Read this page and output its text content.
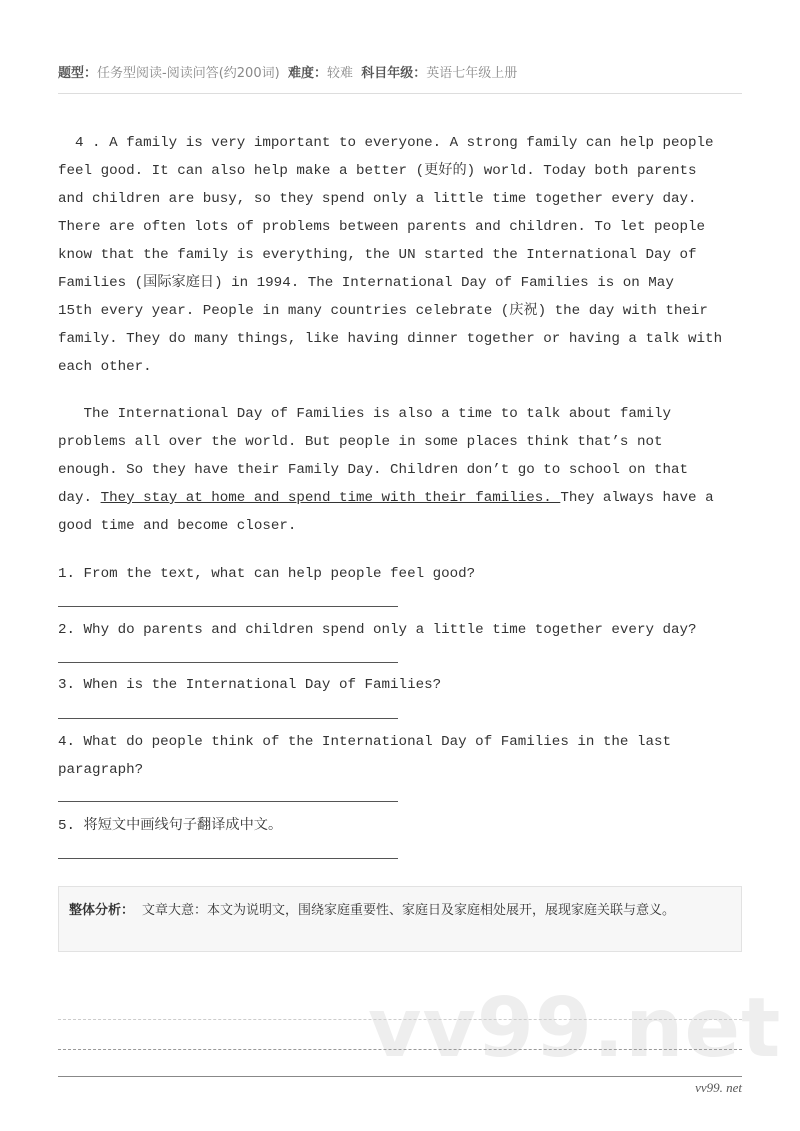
题型：任务型阅读-阅读问答(约200词) 难度：较难 科目年级：英语七年级上册
4 . A family is very important to everyone. A strong family can help people
feel good. It can also help make a better (更好的) world. Today both parents
and children are busy, so they spend only a little time together every day.
There are often lots of problems between parents and children. To let people
know that the family is everything, the UN started the International Day of
Families (国际家庭日) in 1994. The International Day of Families is on May
15th every year. People in many countries celebrate (庆祝) the day with their
family. They do many things, like having dinner together or having a talk with
each other.
The International Day of Families is also a time to talk about family
problems all over the world. But people in some places think that’s not
enough. So they have their Family Day. Children don’t go to school on that
day. They stay at home and spend time with their families. They always have a
good time and become closer.
1. From the text, what can help people feel good?
2. Why do parents and children spend only a little time together every day?
3. When is the International Day of Families?
4. What do people think of the International Day of Families in the last
paragraph?
5. 将短文中画线句子翻译成中文。
整体分析： 文章大意：本文为说明文，围绕家庭重要性、家庭日及家庭相处展开，展现家庭关联与意义。
vv99.net
vv99. net
